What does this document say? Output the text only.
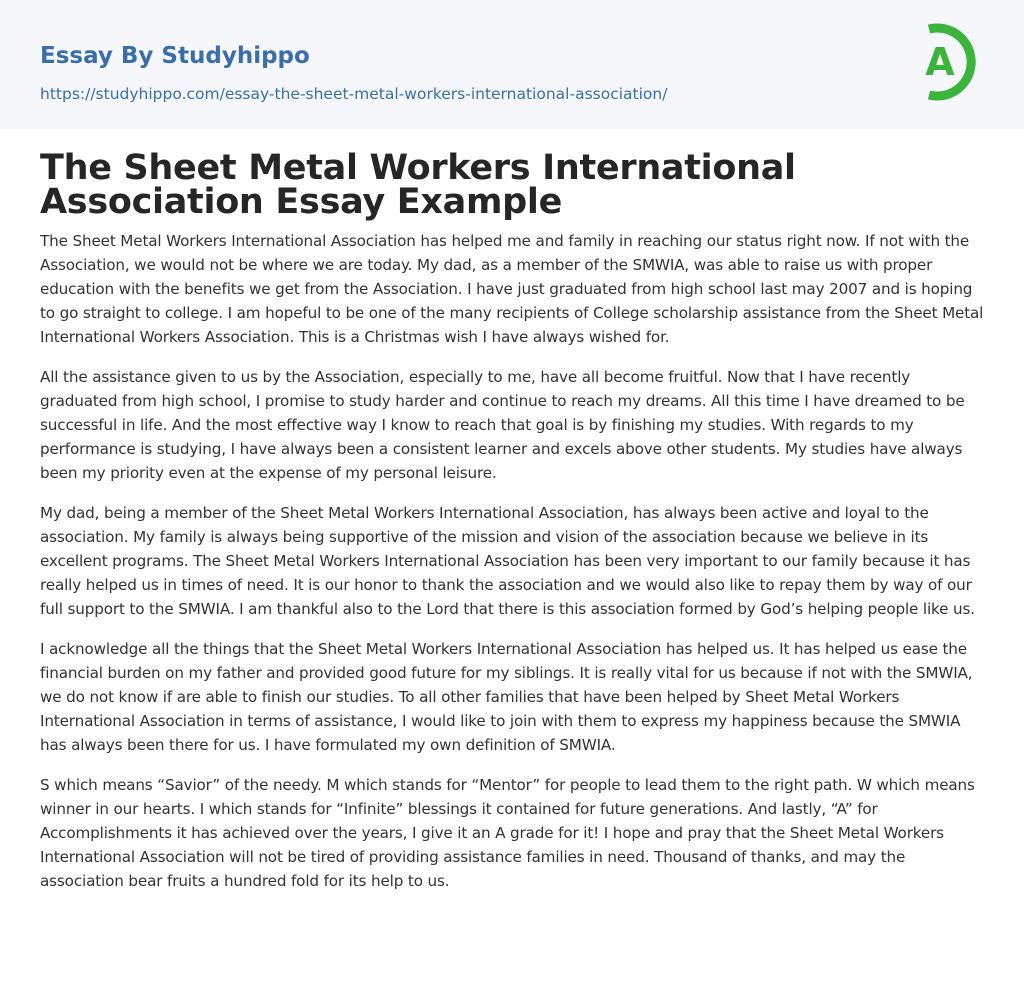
Essay By Studyhippo
https://studyhippo.com/essay-the-sheet-metal-workers-international-association/
A
The Sheet Metal Workers International Association Essay Example

The Sheet Metal Workers International Association has helped me and family in reaching our status right now. If not with the Association, we would not be where we are today. My dad, as a member of the SMWIA, was able to raise us with proper education with the benefits we get from the Association. I have just graduated from high school last may 2007 and is hoping to go straight to college. I am hopeful to be one of the many recipients of College scholarship assistance from the Sheet Metal International Workers Association. This is a Christmas wish I have always wished for.

All the assistance given to us by the Association, especially to me, have all become fruitful. Now that I have recently graduated from high school, I promise to study harder and continue to reach my dreams. All this time I have dreamed to be successful in life. And the most effective way I know to reach that goal is by finishing my studies. With regards to my performance is studying, I have always been a consistent learner and excels above other students. My studies have always been my priority even at the expense of my personal leisure.

My dad, being a member of the Sheet Metal Workers International Association, has always been active and loyal to the association. My family is always being supportive of the mission and vision of the association because we believe in its excellent programs. The Sheet Metal Workers International Association has been very important to our family because it has really helped us in times of need. It is our honor to thank the association and we would also like to repay them by way of our full support to the SMWIA. I am thankful also to the Lord that there is this association formed by God’s helping people like us.

I acknowledge all the things that the Sheet Metal Workers International Association has helped us. It has helped us ease the financial burden on my father and provided good future for my siblings. It is really vital for us because if not with the SMWIA, we do not know if are able to finish our studies. To all other families that have been helped by Sheet Metal Workers International Association in terms of assistance, I would like to join with them to express my happiness because the SMWIA has always been there for us. I have formulated my own definition of SMWIA.

S which means “Savior” of the needy. M which stands for “Mentor” for people to lead them to the right path. W which means winner in our hearts. I which stands for “Infinite” blessings it contained for future generations. And lastly, “A” for Accomplishments it has achieved over the years, I give it an A grade for it! I hope and pray that the Sheet Metal Workers International Association will not be tired of providing assistance families in need. Thousand of thanks, and may the association bear fruits a hundred fold for its help to us.
